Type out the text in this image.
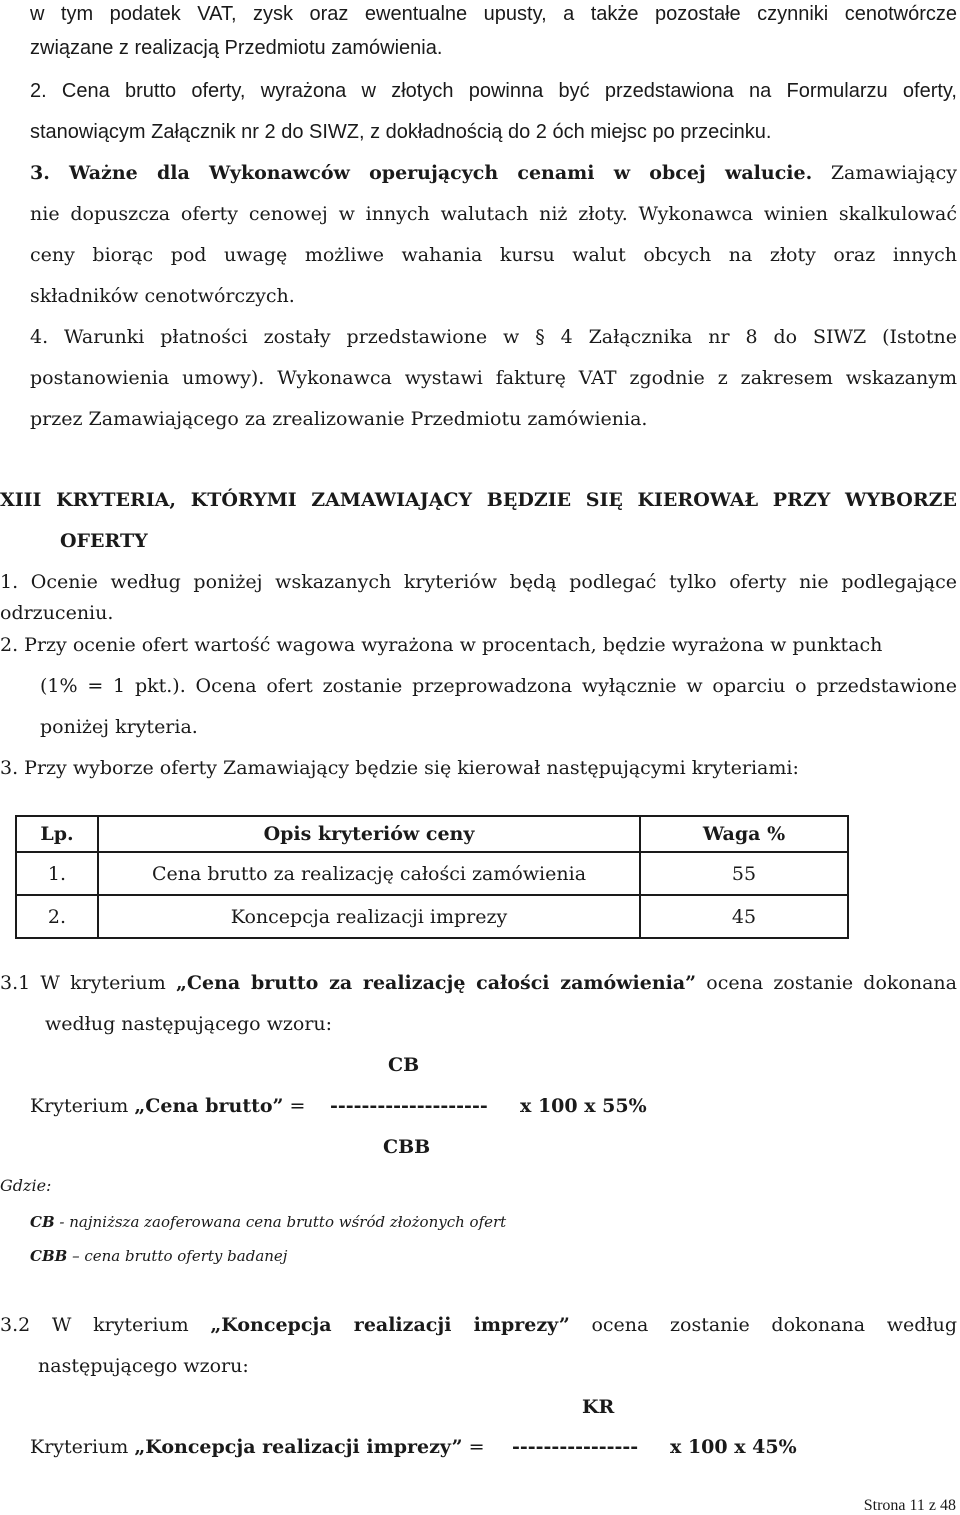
w tym podatek VAT, zysk oraz ewentualne upusty, a także pozostałe czynniki cenotwórcze
związane z realizacją Przedmiotu zamówienia.
2. Cena brutto oferty, wyrażona w złotych powinna być przedstawiona na Formularzu oferty,
stanowiącym Załącznik nr 2 do SIWZ, z dokładnością do 2 óch miejsc po przecinku.
3. Ważne dla Wykonawców operujących cenami w obcej walucie. Zamawiający
nie dopuszcza oferty cenowej w innych walutach niż złoty. Wykonawca winien skalkulować
ceny biorąc pod uwagę możliwe wahania kursu walut obcych na złoty oraz innych
składników cenotwórczych.
4. Warunki płatności zostały przedstawione w § 4 Załącznika nr 8 do SIWZ (Istotne
postanowienia umowy). Wykonawca wystawi fakturę VAT zgodnie z zakresem wskazanym
przez Zamawiającego za zrealizowanie Przedmiotu zamówienia.
XIII KRYTERIA, KTÓRYMI ZAMAWIAJĄCY BĘDZIE SIĘ KIEROWAŁ PRZY WYBORZE
OFERTY
1. Ocenie według poniżej wskazanych kryteriów będą podlegać tylko oferty nie podlegające
odrzuceniu.
2. Przy ocenie ofert wartość wagowa wyrażona w procentach, będzie wyrażona w punktach
(1% = 1 pkt.). Ocena ofert zostanie przeprowadzona wyłącznie w oparciu o przedstawione
poniżej kryteria.
3. Przy wyborze oferty Zamawiający będzie się kierował następującymi kryteriami:
Lp.	Opis kryteriów ceny	Waga %
1.	Cena brutto za realizację całości zamówienia	55
2.	Koncepcja realizacji imprezy	45
3.1 W kryterium „Cena brutto za realizację całości zamówienia” ocena zostanie dokonana
według następującego wzoru:
CB
Kryterium „Cena brutto” =	-------------------- x 100 x 55%
CBB
Gdzie:
CB - najniższa zaoferowana cena brutto wśród złożonych ofert
CBB – cena brutto oferty badanej
3.2 W kryterium „Koncepcja realizacji imprezy” ocena zostanie dokonana według
następującego wzoru:
KR
Kryterium „Koncepcja realizacji imprezy” =	---------------- x 100 x 45%
Strona 11 z 48
